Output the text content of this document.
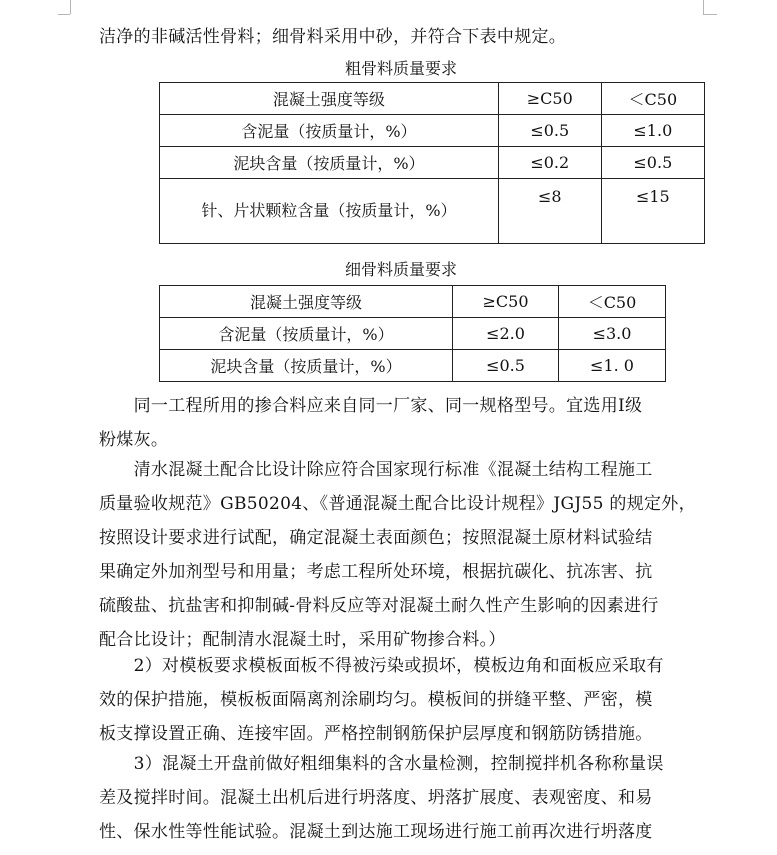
洁净的非碱活性骨料；细骨料采用中砂，并符合下表中规定。
粗骨料质量要求
混凝土强度等级	≥C50	＜C50
含泥量（按质量计，%）	≤0.5	≤1.0
泥块含量（按质量计，%）	≤0.2	≤0.5
针、片状颗粒含量（按质量计，%）	≤8	≤15
细骨料质量要求
混凝土强度等级	≥C50	＜C50
含泥量（按质量计，%）	≤2.0	≤3.0
泥块含量（按质量计，%）	≤0.5	≤1. 0
　　同一工程所用的掺合料应来自同一厂家、同一规格型号。宜选用Ⅰ级
粉煤灰。
　　清水混凝土配合比设计除应符合国家现行标准《混凝土结构工程施工
质量验收规范》GB50204、《普通混凝土配合比设计规程》JGJ55 的规定外，
按照设计要求进行试配，确定混凝土表面颜色；按照混凝土原材料试验结
果确定外加剂型号和用量；考虑工程所处环境，根据抗碳化、抗冻害、抗
硫酸盐、抗盐害和抑制碱-骨料反应等对混凝土耐久性产生影响的因素进行
配合比设计；配制清水混凝土时，采用矿物掺合料。）
　　2）对模板要求模板面板不得被污染或损坏，模板边角和面板应采取有
效的保护措施，模板板面隔离剂涂刷均匀。模板间的拼缝平整、严密，模
板支撑设置正确、连接牢固。严格控制钢筋保护层厚度和钢筋防锈措施。
　　3）混凝土开盘前做好粗细集料的含水量检测，控制搅拌机各称称量误
差及搅拌时间。混凝土出机后进行坍落度、坍落扩展度、表观密度、和易
性、保水性等性能试验。混凝土到达施工现场进行施工前再次进行坍落度
